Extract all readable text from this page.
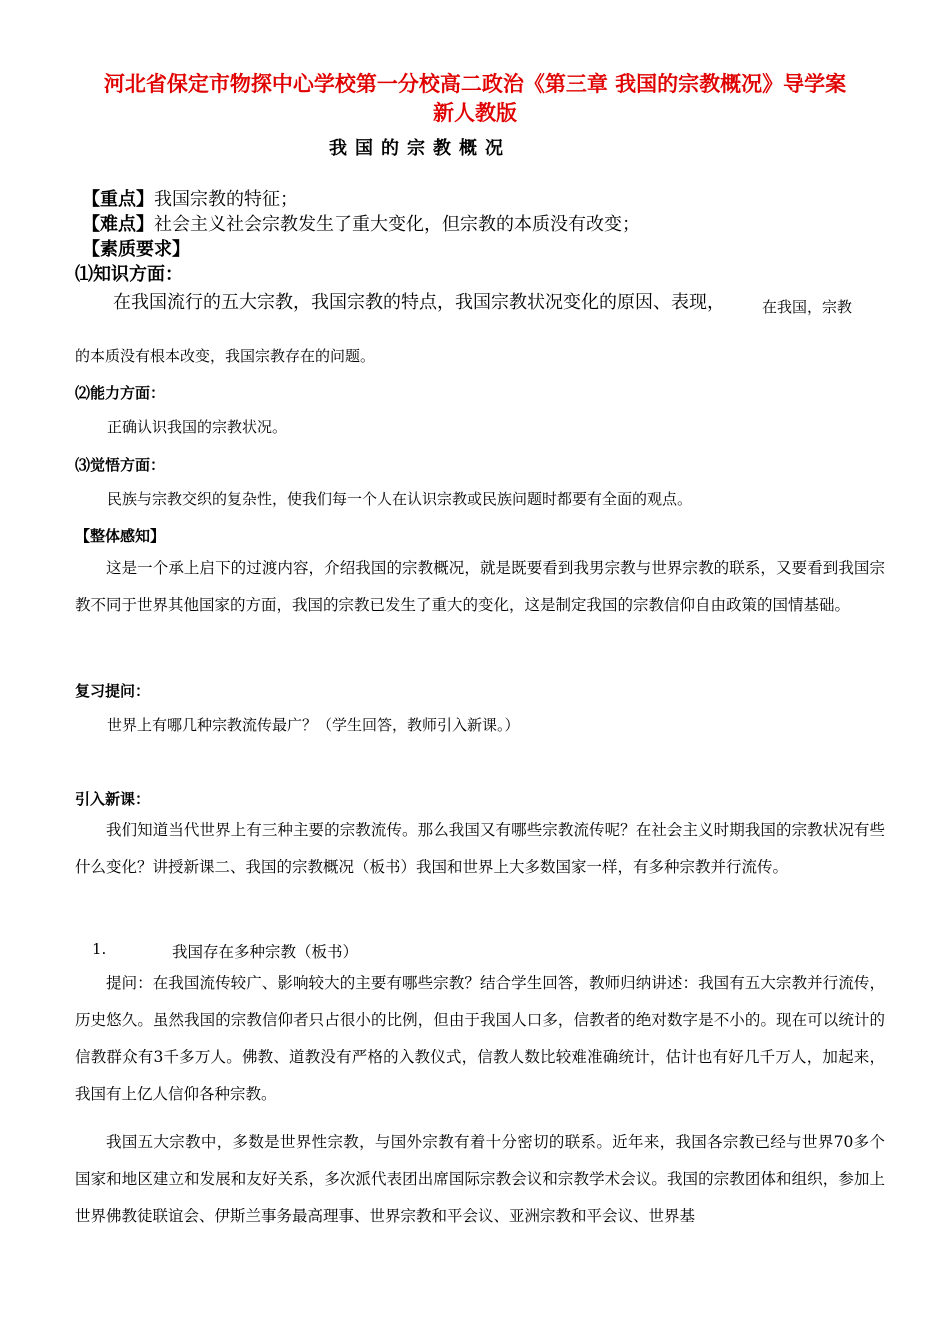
河北省保定市物探中心学校第一分校高二政治《第三章 我国的宗教概况》导学案
新人教版
我国的宗教概况
【重点】我国宗教的特征；
【难点】社会主义社会宗教发生了重大变化，但宗教的本质没有改变；
【素质要求】
⑴知识方面：
在我国流行的五大宗教，我国宗教的特点，我国宗教状况变化的原因、表现， 在我国，宗教
的本质没有根本改变，我国宗教存在的问题。
⑵能力方面：
正确认识我国的宗教状况。
⑶觉悟方面：
民族与宗教交织的复杂性，使我们每一个人在认识宗教或民族问题时都要有全面的观点。
【整体感知】
这是一个承上启下的过渡内容，介绍我国的宗教概况，就是既要看到我男宗教与世界宗教的联系，又要看到我国宗教不同于世界其他国家的方面，我国的宗教已发生了重大的变化，这是制定我国的宗教信仰自由政策的国情基础。
复习提问：
世界上有哪几种宗教流传最广？（学生回答，教师引入新课。）
引入新课：
我们知道当代世界上有三种主要的宗教流传。那么我国又有哪些宗教流传呢？在社会主义时期我国的宗教状况有些什么变化？讲授新课二、我国的宗教概况（板书）我国和世界上大多数国家一样，有多种宗教并行流传。
1.	我国存在多种宗教（板书）
提问：在我国流传较广、影响较大的主要有哪些宗教？结合学生回答，教师归纳讲述：我国有五大宗教并行流传，历史悠久。虽然我国的宗教信仰者只占很小的比例，但由于我国人口多，信教者的绝对数字是不小的。现在可以统计的信教群众有3千多万人。佛教、道教没有严格的入教仪式，信教人数比较难准确统计，估计也有好几千万人，加起来，我国有上亿人信仰各种宗教。
我国五大宗教中，多数是世界性宗教，与国外宗教有着十分密切的联系。近年来，我国各宗教已经与世界70多个国家和地区建立和发展和友好关系，多次派代表团出席国际宗教会议和宗教学术会议。我国的宗教团体和组织，参加上世界佛教徒联谊会、伊斯兰事务最高理事、世界宗教和平会议、亚洲宗教和平会议、世界基
